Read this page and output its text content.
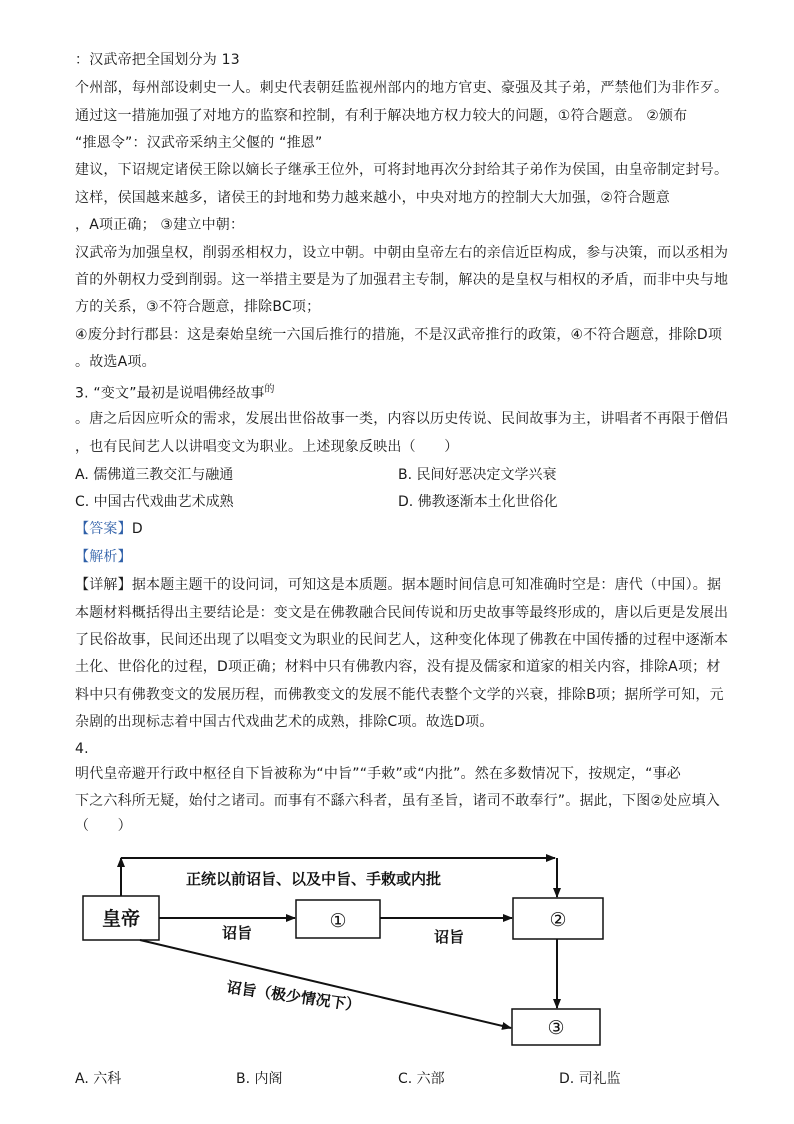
：汉武帝把全国划分为 13
个州部，每州部设刺史一人。刺史代表朝廷监视州部内的地方官吏、豪强及其子弟，严禁他们为非作歹。
通过这一措施加强了对地方的监察和控制，有利于解决地方权力较大的问题，①符合题意。 ②颁布
“推恩令”：汉武帝采纳主父偃的 “推恩”
建议，下诏规定诸侯王除以嫡长子继承王位外，可将封地再次分封给其子弟作为侯国，由皇帝制定封号。
这样，侯国越来越多，诸侯王的封地和势力越来越小，中央对地方的控制大大加强，②符合题意
，A项正确； ③建立中朝：
汉武帝为加强皇权，削弱丞相权力，设立中朝。中朝由皇帝左右的亲信近臣构成，参与决策，而以丞相为
首的外朝权力受到削弱。这一举措主要是为了加强君主专制，解决的是皇权与相权的矛盾，而非中央与地
方的关系，③不符合题意，排除BC项；
④废分封行郡县：这是秦始皇统一六国后推行的措施，不是汉武帝推行的政策，④不符合题意，排除D项
。故选A项。
3. “变文”最初是说唱佛经故事$^的$
。唐之后因应听众的需求，发展出世俗故事一类，内容以历史传说、民间故事为主，讲唱者不再限于僧侣
，也有民间艺人以讲唱变文为职业。上述现象反映出（　　）
A. 儒佛道三教交汇与融通	B. 民间好恶决定文学兴衰
C. 中国古代戏曲艺术成熟	D. 佛教逐渐本土化世俗化
【答案】D
【解析】
【详解】据本题主题干的设问词，可知这是本质题。据本题时间信息可知准确时空是：唐代（中国）。据
本题材料概括得出主要结论是：变文是在佛教融合民间传说和历史故事等最终形成的，唐以后更是发展出
了民俗故事，民间还出现了以唱变文为职业的民间艺人，这种变化体现了佛教在中国传播的过程中逐渐本
土化、世俗化的过程，D项正确；材料中只有佛教内容，没有提及儒家和道家的相关内容，排除A项；材
料中只有佛教变文的发展历程，而佛教变文的发展不能代表整个文学的兴衰，排除B项；据所学可知，元
杂剧的出现标志着中国古代戏曲艺术的成熟，排除C项。故选D项。
4.
明代皇帝避开行政中枢径自下旨被称为“中旨”“手敕”或“内批”。然在多数情况下，按规定，“事必
下之六科所无疑，始付之诸司。而事有不繇六科者，虽有圣旨，诸司不敢奉行”。据此，下图②处应填入
（　　）
皇帝	①	②
③
正统以前诏旨、以及中旨、手敕或内批
诏旨	诏旨
诏旨（极少情况下）
A. 六科	B. 内阁	C. 六部	D. 司礼监
